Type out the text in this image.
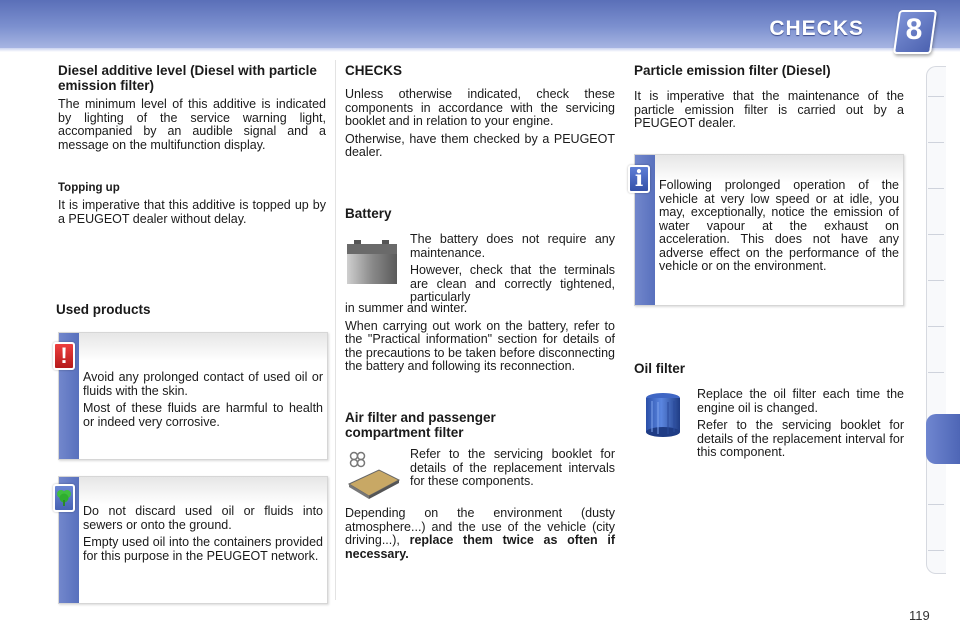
CHECKS 8
Diesel additive level (Diesel with particle emission filter)

The minimum level of this additive is indicated by lighting of the service warning light, accompanied by an audible signal and a message on the multifunction display.

Topping up

It is imperative that this additive is topped up by a PEUGEOT dealer without delay.

Used products

Avoid any prolonged contact of used oil or fluids with the skin.

Most of these fluids are harmful to health or indeed very corrosive.

!

Do not discard used oil or fluids into sewers or onto the ground.

Empty used oil into the containers provided for this purpose in the PEUGEOT network.

CHECKS

Unless otherwise indicated, check these components in accordance with the servicing booklet and in relation to your engine.

Otherwise, have them checked by a PEUGEOT dealer.

Battery

The battery does not require any maintenance.

However, check that the terminals are clean and correctly tightened, particularly

in summer and winter.

When carrying out work on the battery, refer to the "Practical information" section for details of the precautions to be taken before disconnecting the battery and following its reconnection.

Air filter and passenger compartment filter

Refer to the servicing booklet for details of the replacement intervals for these components.

Depending on the environment (dusty atmosphere...) and the use of the vehicle (city driving...), replace them twice as often if necessary.

Particle emission filter (Diesel)

It is imperative that the maintenance of the particle emission filter is carried out by a PEUGEOT dealer.

Following prolonged operation of the vehicle at very low speed or at idle, you may, exceptionally, notice the emission of water vapour at the exhaust on acceleration. This does not have any adverse effect on the performance of the vehicle or on the environment.

i
Oil filter

Replace the oil filter each time the engine oil is changed.

Refer to the servicing booklet for details of the replacement interval for this component.

119
